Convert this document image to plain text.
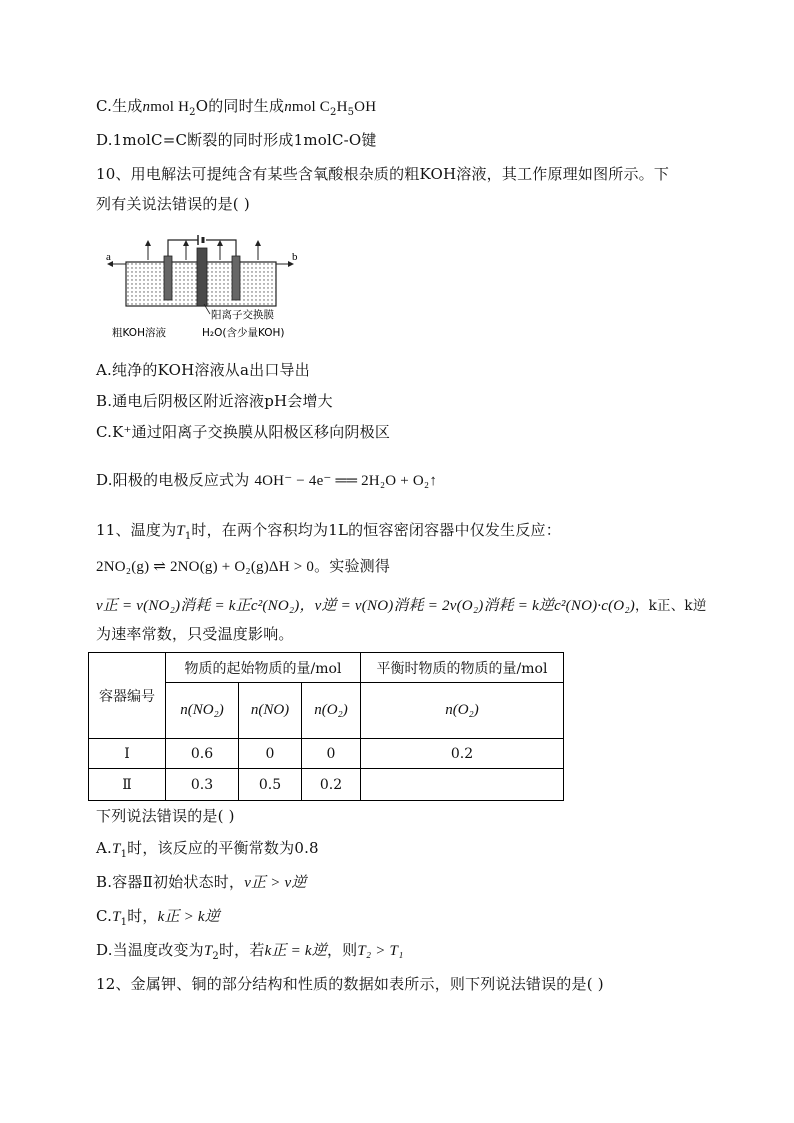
C.生成nmol $H_2O$的同时生成nmol $C_2H_5OH$
D.1molC=C断裂的同时形成1molC-O键
10、用电解法可提纯含有某些含氧酸根杂质的粗KOH溶液，其工作原理如图所示。下
列有关说法错误的是( )
a	b
阳离子交换膜
粗KOH溶液	H₂O(含少量KOH)
A.纯净的KOH溶液从a出口导出
B.通电后阴极区附近溶液pH会增大
C.K⁺通过阳离子交换膜从阳极区移向阴极区
D.阳极的电极反应式为 4OH⁻ − 4e⁻ ══ 2H₂O + O₂↑
11、温度为$T_1$时，在两个容积均为1L的恒容密闭容器中仅发生反应：
2NO₂(g) ⇌ 2NO(g) + O₂(g)ΔH > 0。实验测得
v正 = v(NO₂)消耗 = k正c²(NO₂)，v逆 = v(NO)消耗 = 2v(O₂)消耗 = k逆c²(NO)·c(O₂)，k正、k逆
为速率常数，只受温度影响。
容器编号	物质的起始物质的量/mol			平衡时物质的物质的量/mol
	n(NO₂)	n(NO)	n(O₂)	n(O₂)
Ⅰ	0.6	0	0	0.2
Ⅱ	0.3	0.5	0.2	
下列说法错误的是( )
$A.T_1$时，该反应的平衡常数为0.8
B.容器Ⅱ初始状态时，v正 > v逆
$C.T_1$时，k正 > k逆
D.当温度改变为$T_2$时，若k正 = k逆，则T₂ > T₁
12、金属钾、铜的部分结构和性质的数据如表所示，则下列说法错误的是( )
